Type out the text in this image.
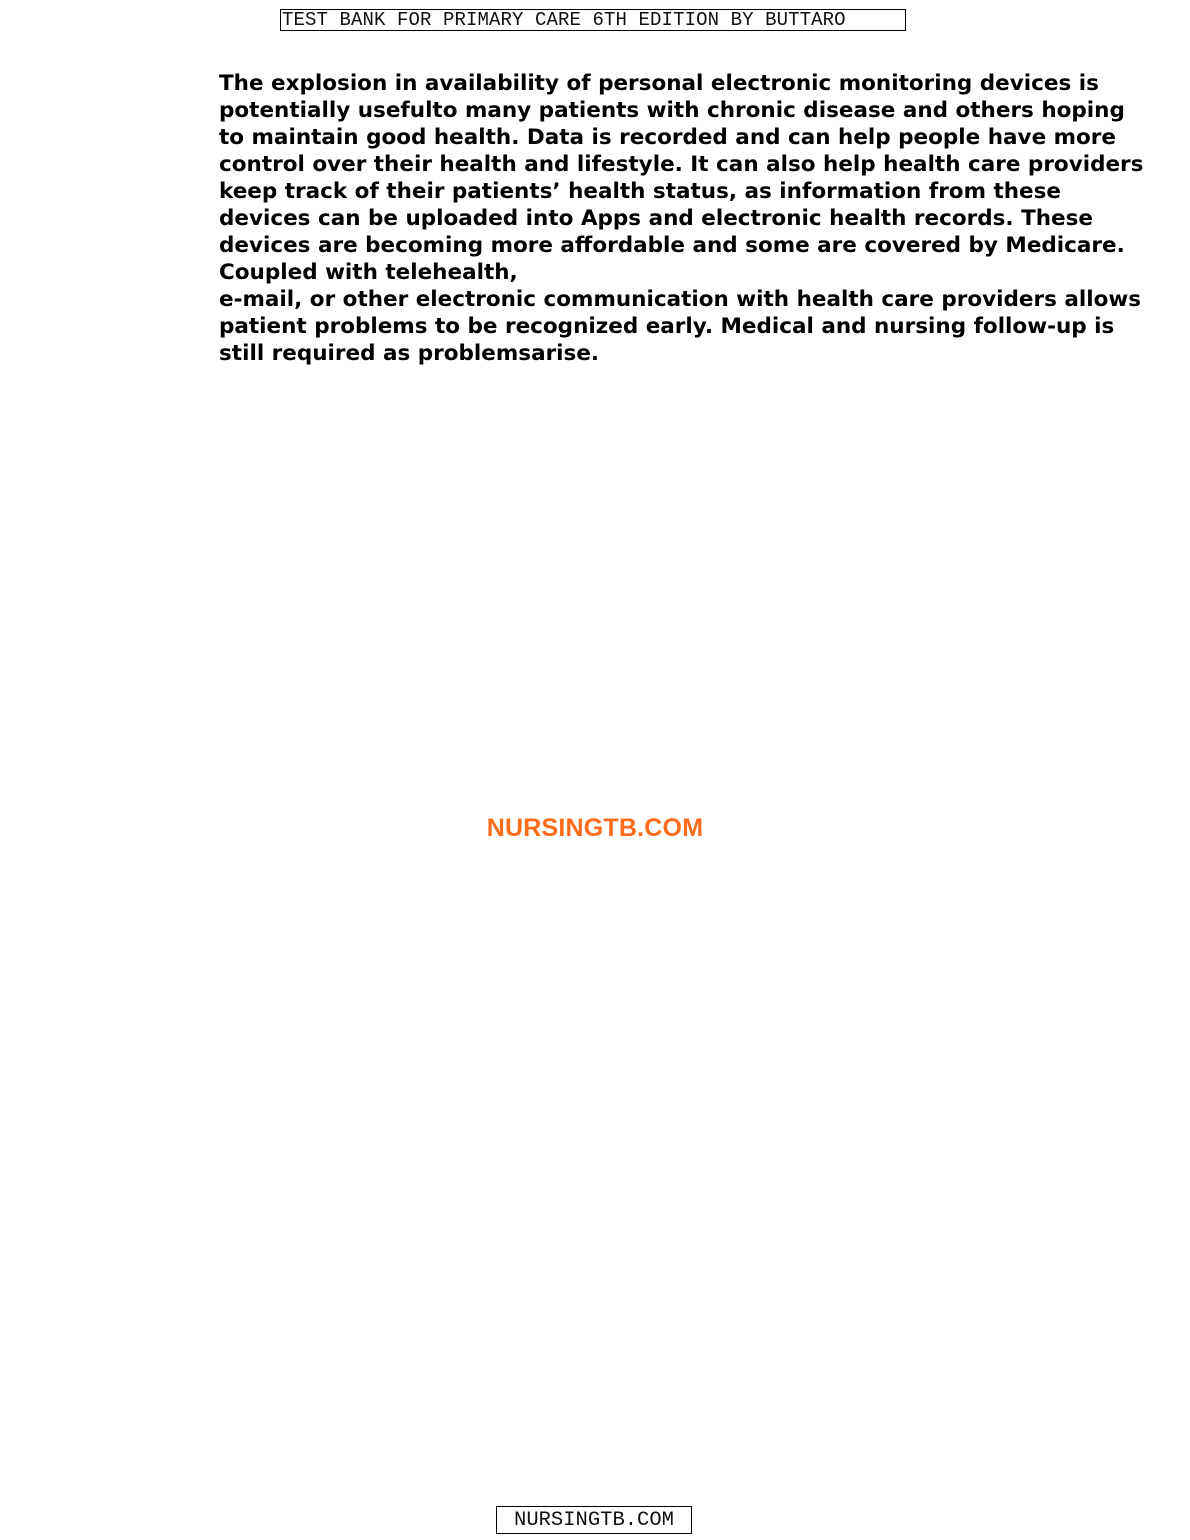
TEST BANK FOR PRIMARY CARE 6TH EDITION BY BUTTARO
The explosion in availability of personal electronic monitoring devices is
potentially usefulto many patients with chronic disease and others hoping
to maintain good health. Data is recorded and can help people have more
control over their health and lifestyle. It can also help health care providers
keep track of their patients’ health status, as information from these
devices can be uploaded into Apps and electronic health records. These
devices are becoming more affordable and some are covered by Medicare.
Coupled with telehealth,
e-mail, or other electronic communication with health care providers allows
patient problems to be recognized early. Medical and nursing follow-up is
still required as problemsarise.
NURSINGTB.COM
NURSINGTB.COM
